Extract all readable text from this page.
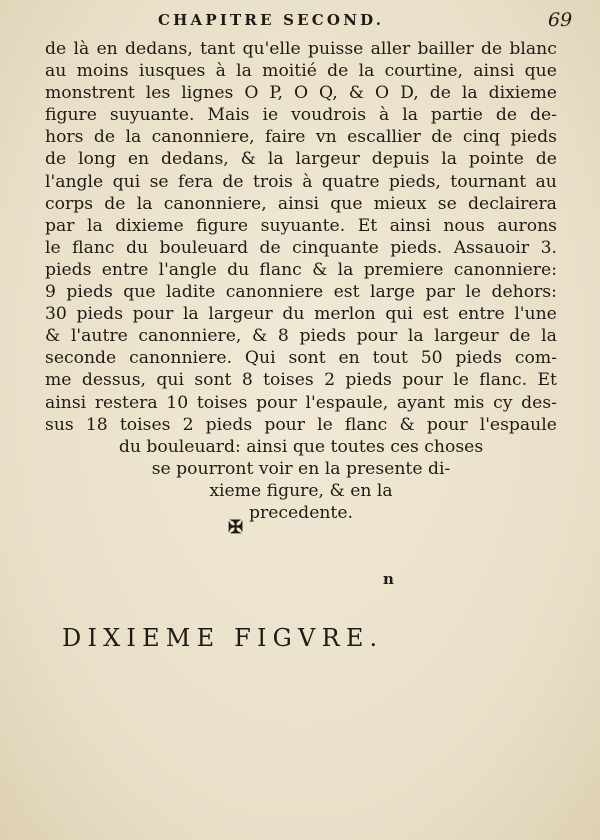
CHAPITRE SECOND.	69
de là en dedans, tant qu'elle puisse aller bailler de blanc
au moins iusques à la moitié de la courtine, ainsi que
monstrent les lignes O P, O Q, & O D, de la dixieme
figure suyuante. Mais ie voudrois à la partie de de-
hors de la canonniere, faire vn escallier de cinq pieds
de long en dedans, & la largeur depuis la pointe de
l'angle qui se fera de trois à quatre pieds, tournant au
corps de la canonniere, ainsi que mieux se declairera
par la dixieme figure suyuante. Et ainsi nous aurons
le flanc du bouleuard de cinquante pieds. Assauoir 3.
pieds entre l'angle du flanc & la premiere canonniere:
9 pieds que ladite canonniere est large par le dehors:
30 pieds pour la largeur du merlon qui est entre l'une
& l'autre canonniere, & 8 pieds pour la largeur de la
seconde canonniere. Qui sont en tout 50 pieds com-
me dessus, qui sont 8 toises 2 pieds pour le flanc. Et
ainsi restera 10 toises pour l'espaule, ayant mis cy des-
sus 18 toises 2 pieds pour le flanc & pour l'espaule
du bouleuard: ainsi que toutes ces choses
se pourront voir en la presente di-
xieme figure, & en la
precedente.
✠
n
DIXIEME FIGVRE.
